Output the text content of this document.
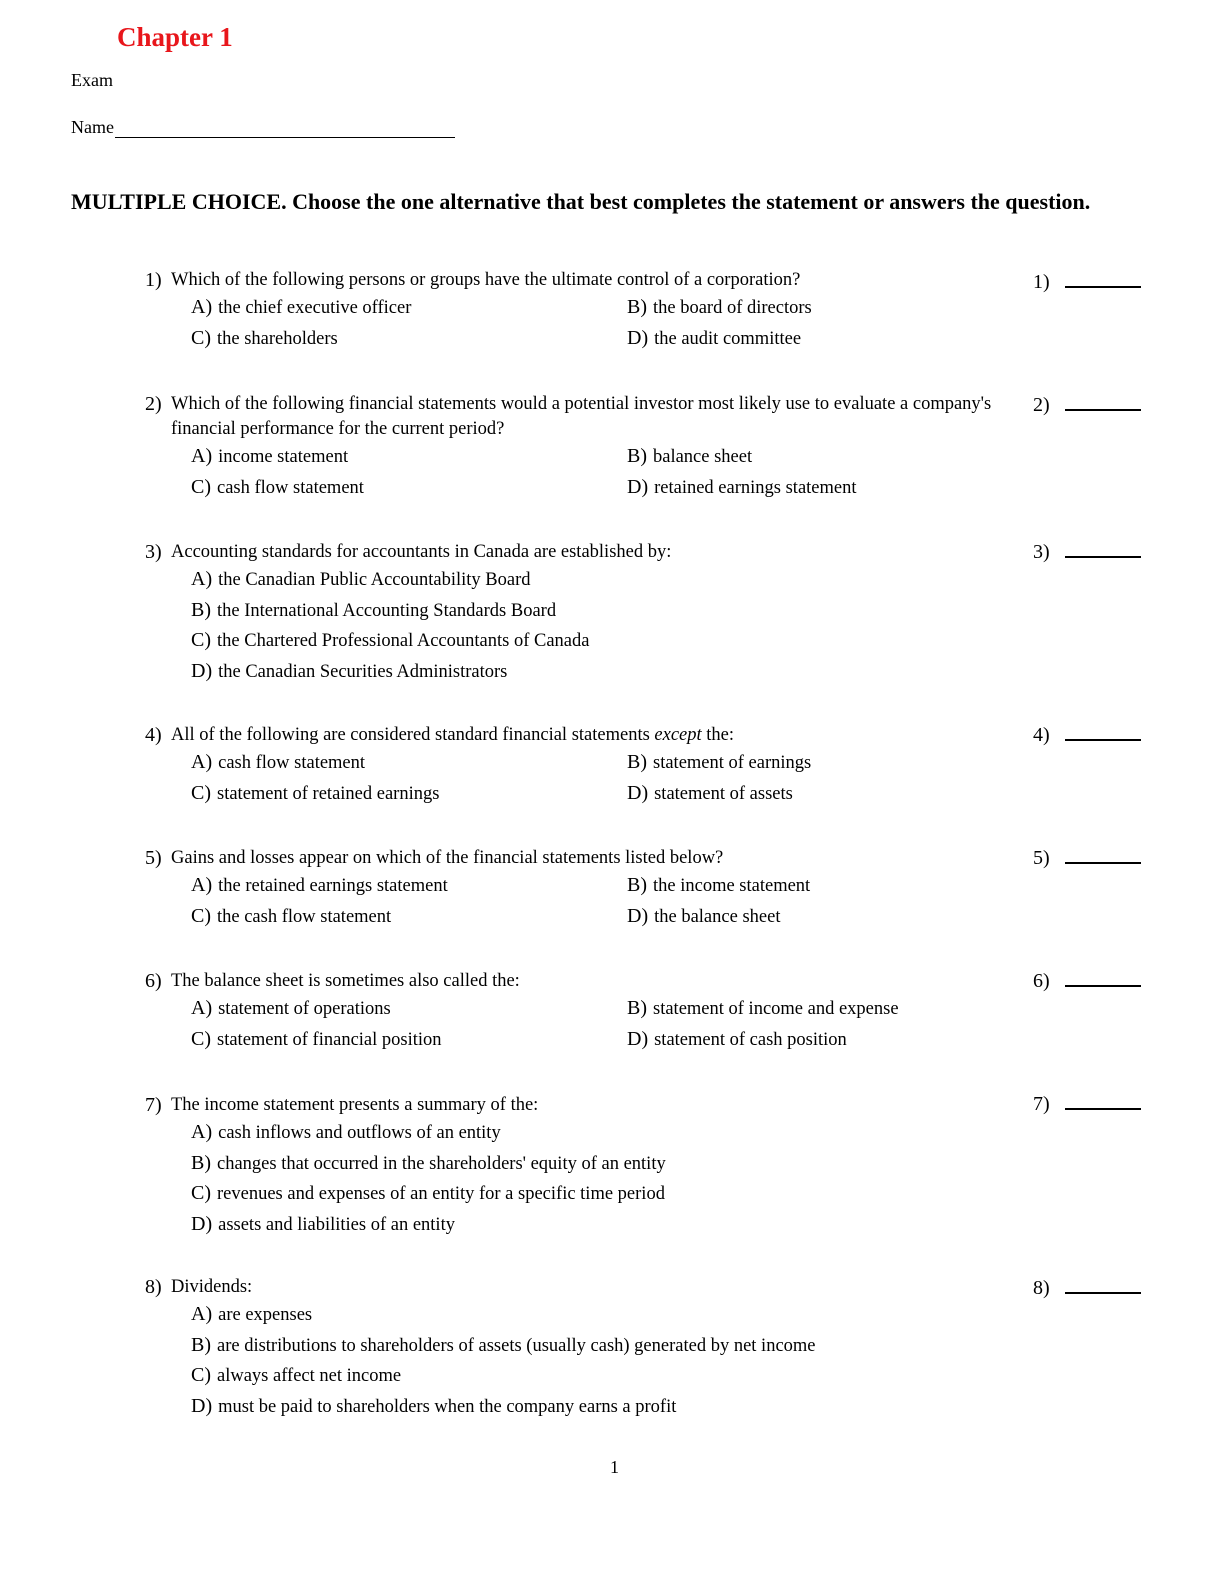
Chapter 1
Exam
Name
MULTIPLE CHOICE. Choose the one alternative that best completes the statement or answers the question.
1) Which of the following persons or groups have the ultimate control of a corporation?
A) the chief executive officer	B) the board of directors
C) the shareholders	D) the audit committee
1)
2) Which of the following financial statements would a potential investor most likely use to evaluate a company's financial performance for the current period?
A) income statement	B) balance sheet
C) cash flow statement	D) retained earnings statement
2)
3) Accounting standards for accountants in Canada are established by:
A) the Canadian Public Accountability Board
B) the International Accounting Standards Board
C) the Chartered Professional Accountants of Canada
D) the Canadian Securities Administrators
3)
4) All of the following are considered standard financial statements except the:
A) cash flow statement	B) statement of earnings
C) statement of retained earnings	D) statement of assets
4)
5) Gains and losses appear on which of the financial statements listed below?
A) the retained earnings statement	B) the income statement
C) the cash flow statement	D) the balance sheet
5)
6) The balance sheet is sometimes also called the:
A) statement of operations	B) statement of income and expense
C) statement of financial position	D) statement of cash position
6)
7) The income statement presents a summary of the:
A) cash inflows and outflows of an entity
B) changes that occurred in the shareholders' equity of an entity
C) revenues and expenses of an entity for a specific time period
D) assets and liabilities of an entity
7)
8) Dividends:
A) are expenses
B) are distributions to shareholders of assets (usually cash) generated by net income
C) always affect net income
D) must be paid to shareholders when the company earns a profit
8)
1
